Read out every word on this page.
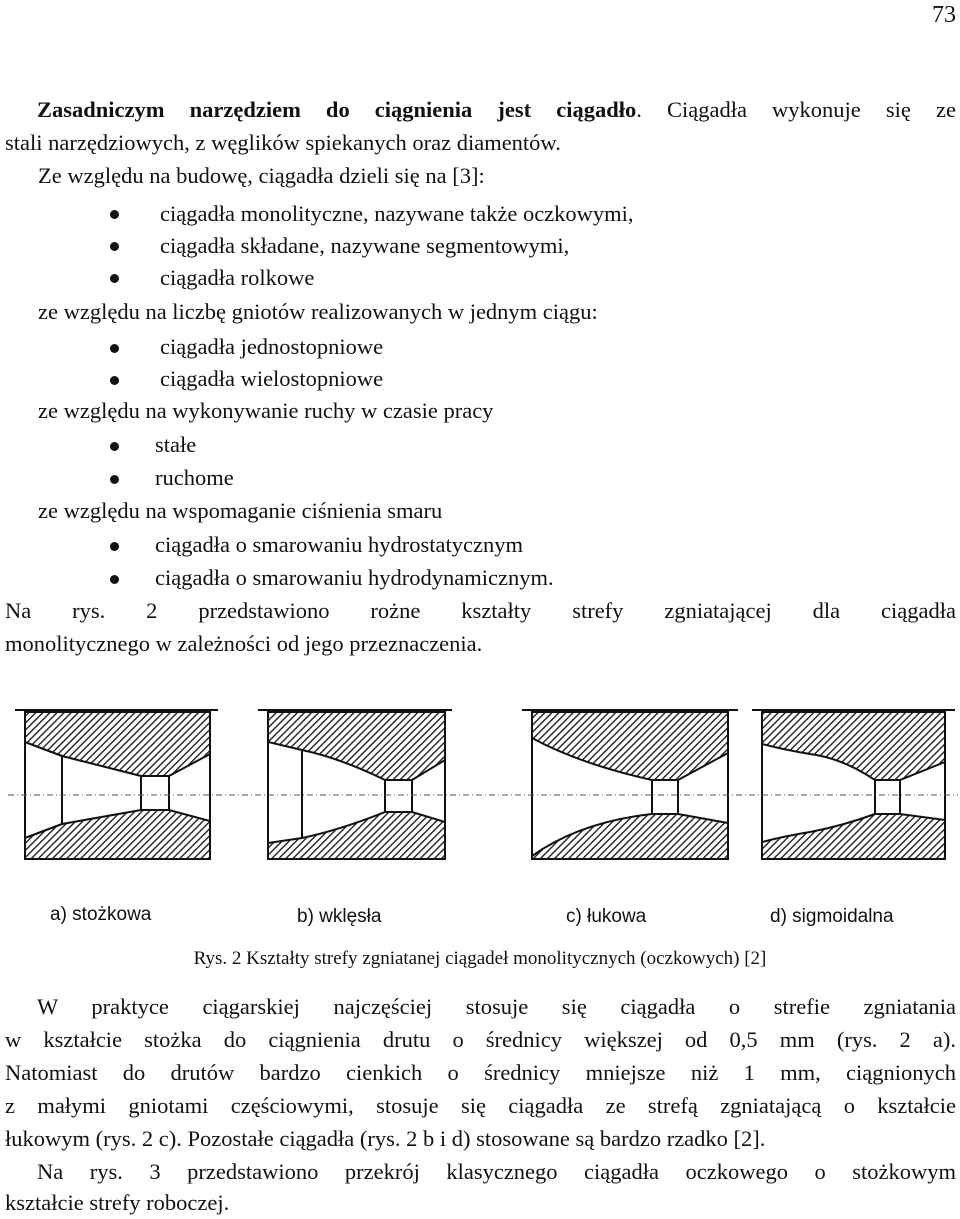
73

Zasadniczym narzędziem do ciągnienia jest ciągadło. Ciągadła wykonuje się ze

stali narzędziowych, z węglików spiekanych oraz diamentów.

Ze względu na budowę, ciągadła dzieli się na [3]:

ciągadła monolityczne, nazywane także oczkowymi,
ciągadła składane, nazywane segmentowymi,
ciągadła rolkowe

ze względu na liczbę gniotów realizowanych w jednym ciągu:

ciągadła jednostopniowe
ciągadła wielostopniowe

ze względu na wykonywanie ruchy w czasie pracy

stałe
ruchome

ze względu na wspomaganie ciśnienia smaru

ciągadła o smarowaniu hydrostatycznym
ciągadła o smarowaniu hydrodynamicznym.

Na rys. 2 przedstawiono rożne kształty strefy zgniatającej dla ciągadła

monolitycznego w zależności od jego przeznaczenia.

a) stożkowa	b) wklęsła	c) łukowa	d) sigmoidalna
Rys. 2 Kształty strefy zgniatanej ciągadeł monolitycznych (oczkowych) [2]

W praktyce ciągarskiej najczęściej stosuje się ciągadła o strefie zgniatania

w kształcie stożka do ciągnienia drutu o średnicy większej od 0,5 mm (rys. 2 a).

Natomiast do drutów bardzo cienkich o średnicy mniejsze niż 1 mm, ciągnionych

z małymi gniotami częściowymi, stosuje się ciągadła ze strefą zgniatającą o kształcie

łukowym (rys. 2 c). Pozostałe ciągadła (rys. 2 b i d) stosowane są bardzo rzadko [2].

Na rys. 3 przedstawiono przekrój klasycznego ciągadła oczkowego o stożkowym

kształcie strefy roboczej.
